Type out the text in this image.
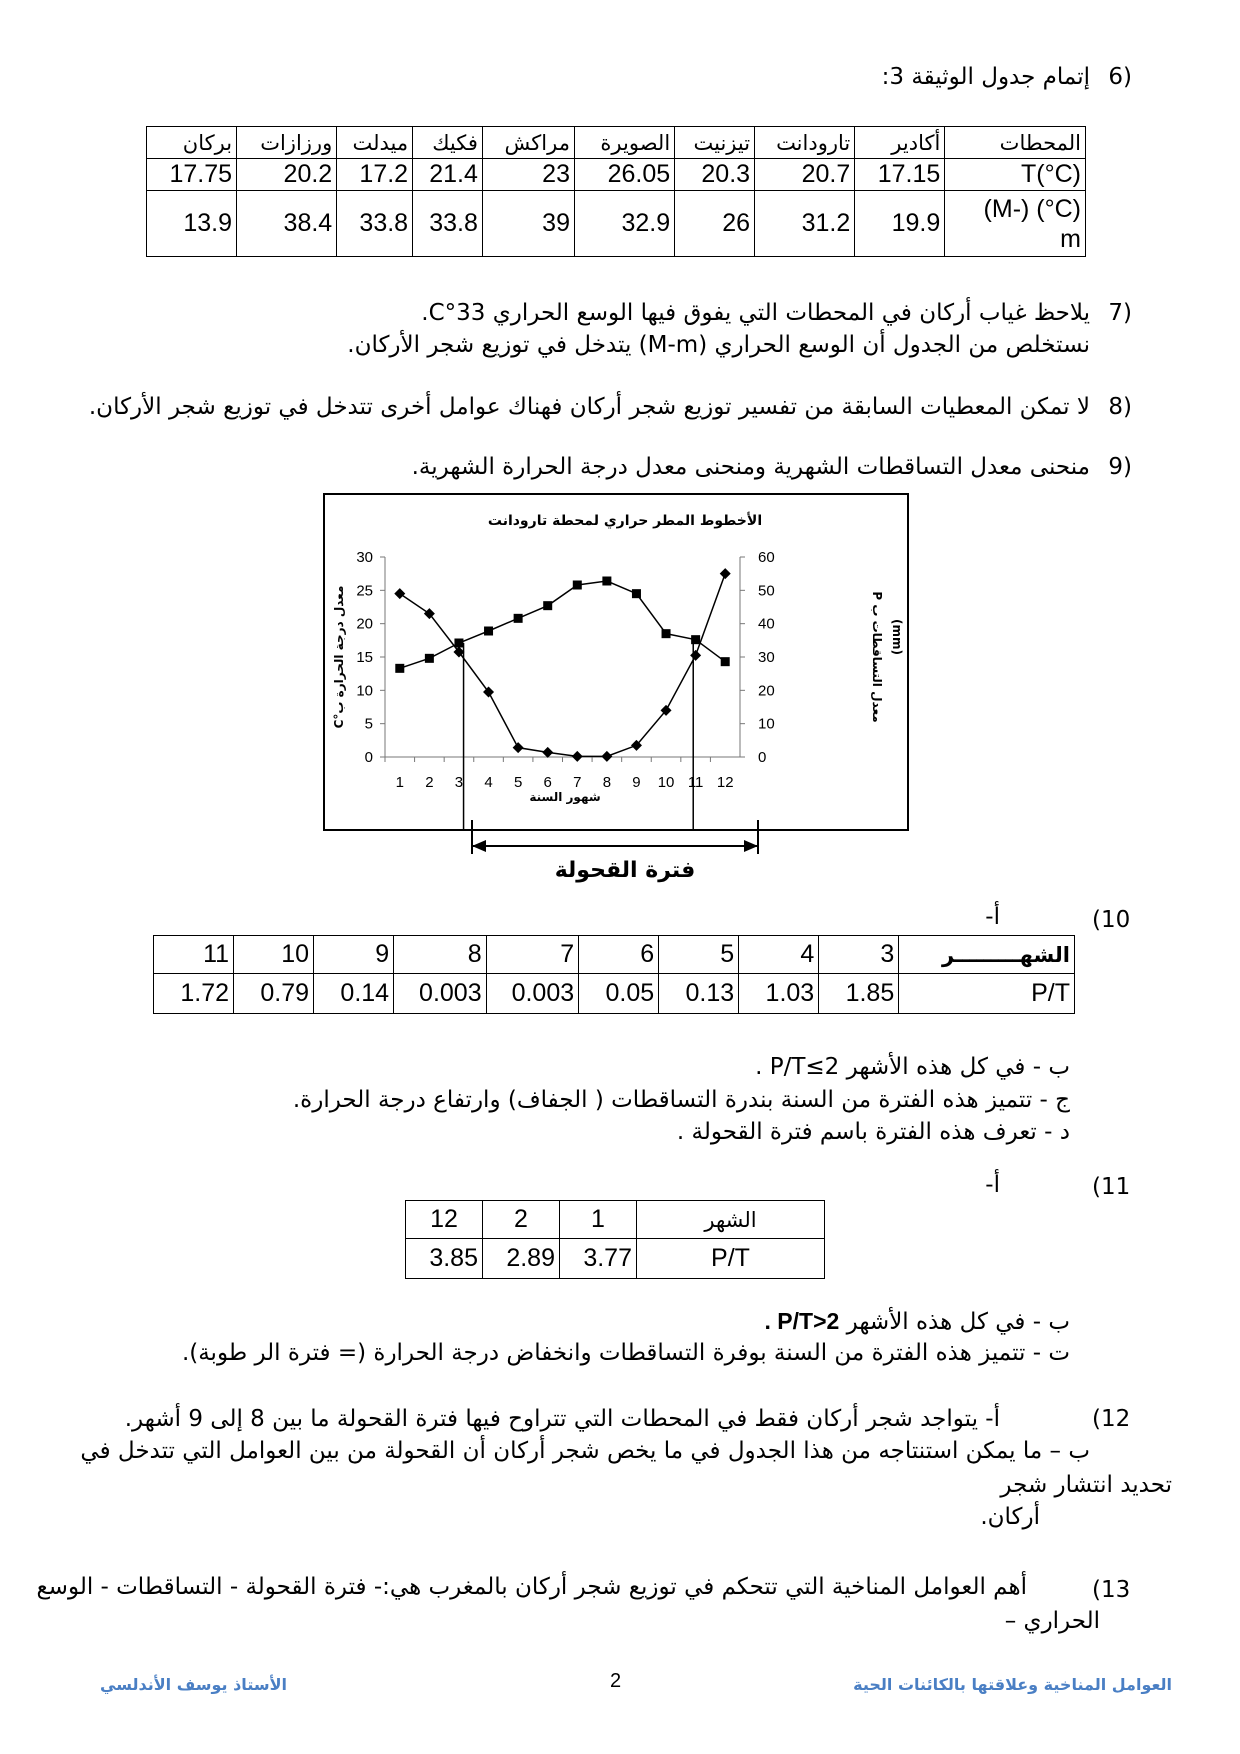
6)
إتمام جدول الوثيقة 3:
بركان	ورزازات	ميدلت	فكيك	مراكش	الصويرة	تيزنيت	تارودانت	أكادير	المحطات
17.75	20.2	17.2	21.4	23	26.05	20.3	20.7	17.15	T(°C)
13.9	38.4	33.8	33.8	39	32.9	26	31.2	19.9	(M-) (°C)
m
7)
يلاحظ غياب أركان في المحطات التي يفوق فيها الوسع الحراري 33°C.
نستخلص من الجدول أن الوسع الحراري (M-m) يتدخل في توزيع شجر الأركان.
8)
لا تمكن المعطيات السابقة من تفسير توزيع شجر أركان فهناك عوامل أخرى تتدخل في توزيع شجر الأركان.
9)
منحنى معدل التساقطات الشهرية ومنحنى معدل درجة الحرارة الشهرية.
الأخطوط المطر حراري لمحطة تارودانت
0
5
10
15
20
25
30
0
10
20
30
40
50
60
1 2 3 4 5 6 7 8 9 10 11 12
شهور السنة
معدل درجة الحرارة ب°C	معدل التساقطات ب P (mm)
فترة القحولة
(10
أ-
11	10	9	8	7	6	5	4	3	الشهـــــــــر
1.72	0.79	0.14	0.003	0.003	0.05	0.13	1.03	1.85	P/T
ب - في كل هذه الأشهر P/T≤2 .
ج - تتميز هذه الفترة من السنة بندرة التساقطات ( الجفاف) وارتفاع درجة الحرارة.
د - تعرف هذه الفترة باسم فترة القحولة .
(11
أ-
12	2	1	الشهر
3.85	2.89	3.77	P/T
ب - في كل هذه الأشهر P/T>2 .
ت - تتميز هذه الفترة من السنة بوفرة التساقطات وانخفاض درجة الحرارة (= فترة الر طوبة).
(12
أ- يتواجد شجر أركان فقط في المحطات التي تتراوح فيها فترة القحولة ما بين 8 إلى 9 أشهر.
ب – ما يمكن استنتاجه من هذا الجدول في ما يخص شجر أركان أن القحولة من بين العوامل التي تتدخل في
تحديد انتشار شجر
أركان.
(13
أهم العوامل المناخية التي تتحكم في توزيع شجر أركان بالمغرب هي:- فترة القحولة - التساقطات - الوسع
الحراري –
الأستاذ يوسف الأندلسي	2	العوامل المناخية وعلاقتها بالكائنات الحية
